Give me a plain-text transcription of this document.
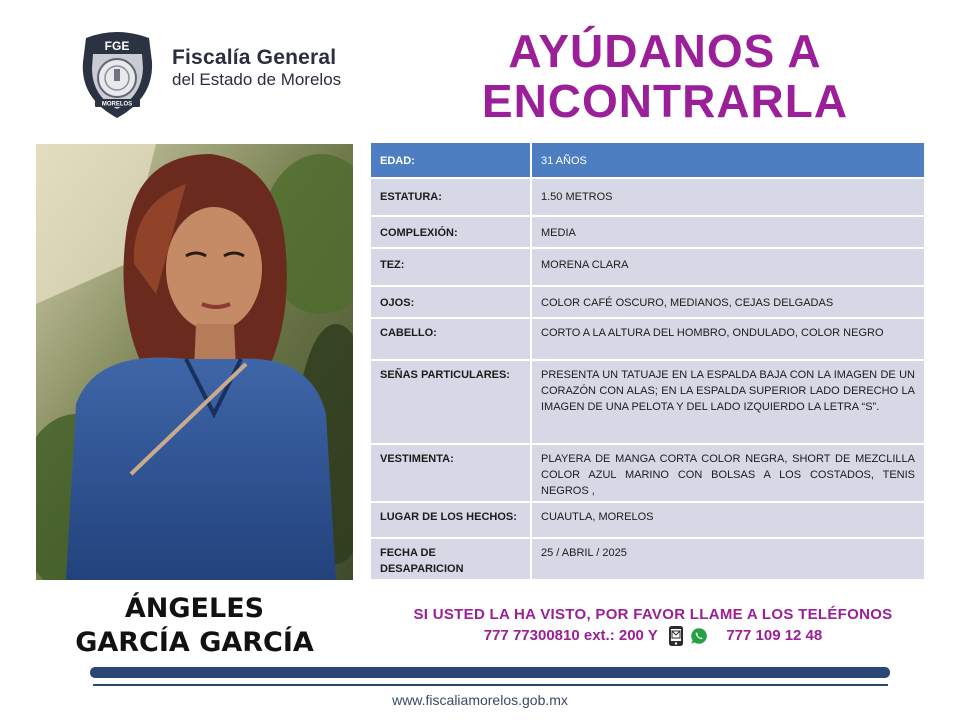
FGE
MORELOS
Fiscalía General
del Estado de Morelos
AYÚDANOS A
ENCONTRARLA
ÁNGELES
GARCÍA GARCÍA
EDAD:	31 AÑOS
ESTATURA:	1.50 METROS
COMPLEXIÓN:	MEDIA
TEZ:	MORENA CLARA
OJOS:	COLOR CAFÉ OSCURO, MEDIANOS, CEJAS DELGADAS
CABELLO:	CORTO A LA ALTURA DEL HOMBRO, ONDULADO, COLOR NEGRO
SEÑAS PARTICULARES:	PRESENTA UN TATUAJE EN LA ESPALDA BAJA CON LA IMAGEN DE UN CORAZÓN CON ALAS; EN LA ESPALDA SUPERIOR LADO DERECHO LA IMAGEN DE UNA PELOTA Y DEL LADO IZQUIERDO LA LETRA “S”.
VESTIMENTA:	PLAYERA DE MANGA CORTA COLOR NEGRA, SHORT DE MEZCLILLA COLOR AZUL MARINO CON BOLSAS A LOS COSTADOS, TENIS NEGROS ,
LUGAR DE LOS HECHOS:	CUAUTLA, MORELOS
FECHA DE DESAPARICION	25 / ABRIL / 2025
SI USTED LA HA VISTO, POR FAVOR LLAME A LOS TELÉFONOS
777 77300810 ext.: 200 Y	777 109 12 48
www.fiscaliamorelos.gob.mx
